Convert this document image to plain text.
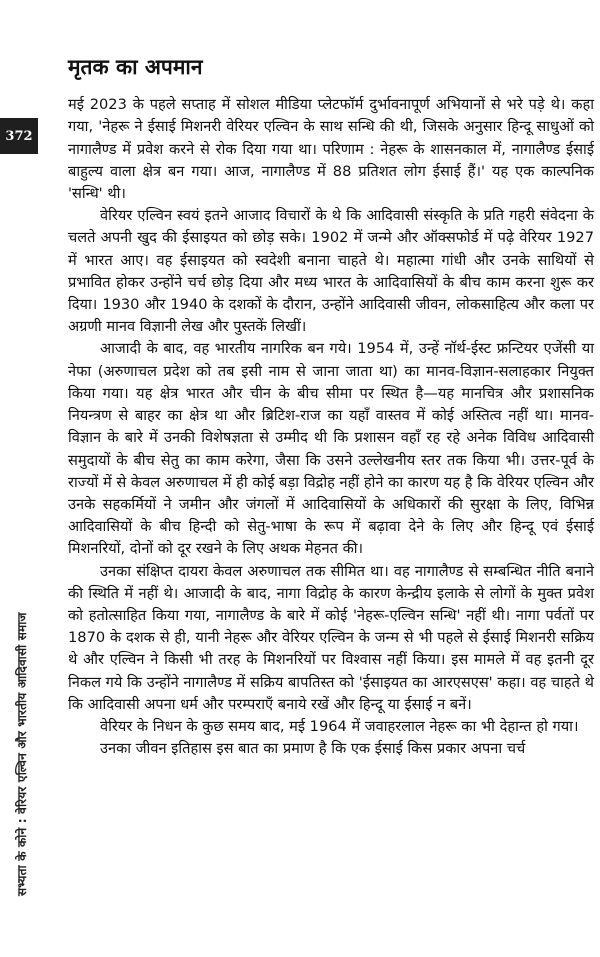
372
सभ्यता के कोने : वेरियर एल्विन और भारतीय आदिवासी समाज
मृतक का अपमान

मई 2023 के पहले सप्ताह में सोशल मीडिया प्लेटफॉर्म दुर्भावनापूर्ण अभियानों से भरे पड़े थे। कहा गया, 'नेहरू ने ईसाई मिशनरी वेरियर एल्विन के साथ सन्धि की थी, जिसके अनुसार हिन्दू साधुओं को नागालैण्ड में प्रवेश करने से रोक दिया गया था। परिणाम : नेहरू के शासनकाल में, नागालैण्ड ईसाई बाहुल्य वाला क्षेत्र बन गया। आज, नागालैण्ड में 88 प्रतिशत लोग ईसाई हैं।' यह एक काल्पनिक 'सन्धि' थी।

वेरियर एल्विन स्वयं इतने आजाद विचारों के थे कि आदिवासी संस्कृति के प्रति गहरी संवेदना के चलते अपनी खुद की ईसाइयत को छोड़ सके। 1902 में जन्मे और ऑक्सफोर्ड में पढ़े वेरियर 1927 में भारत आए। वह ईसाइयत को स्वदेशी बनाना चाहते थे। महात्मा गांधी और उनके साथियों से प्रभावित होकर उन्होंने चर्च छोड़ दिया और मध्य भारत के आदिवासियों के बीच काम करना शुरू कर दिया। 1930 और 1940 के दशकों के दौरान, उन्होंने आदिवासी जीवन, लोकसाहित्य और कला पर अग्रणी मानव विज्ञानी लेख और पुस्तकें लिखीं।

आजादी के बाद, वह भारतीय नागरिक बन गये। 1954 में, उन्हें नॉर्थ-ईस्ट फ्रन्टियर एजेंसी या नेफा (अरुणाचल प्रदेश को तब इसी नाम से जाना जाता था) का मानव-विज्ञान-सलाहकार नियुक्त किया गया। यह क्षेत्र भारत और चीन के बीच सीमा पर स्थित है—यह मानचित्र और प्रशासनिक नियन्त्रण से बाहर का क्षेत्र था और ब्रिटिश-राज का यहाँ वास्तव में कोई अस्तित्व नहीं था। मानव-विज्ञान के बारे में उनकी विशेषज्ञता से उम्मीद थी कि प्रशासन वहाँ रह रहे अनेक विविध आदिवासी समुदायों के बीच सेतु का काम करेगा, जैसा कि उसने उल्लेखनीय स्तर तक किया भी। उत्तर-पूर्व के राज्यों में से केवल अरुणाचल में ही कोई बड़ा विद्रोह नहीं होने का कारण यह है कि वेरियर एल्विन और उनके सहकर्मियों ने जमीन और जंगलों में आदिवासियों के अधिकारों की सुरक्षा के लिए, विभिन्न आदिवासियों के बीच हिन्दी को सेतु-भाषा के रूप में बढ़ावा देने के लिए और हिन्दू एवं ईसाई मिशनरियों, दोनों को दूर रखने के लिए अथक मेहनत की।

उनका संक्षिप्त दायरा केवल अरुणाचल तक सीमित था। वह नागालैण्ड से सम्बन्धित नीति बनाने की स्थिति में नहीं थे। आजादी के बाद, नागा विद्रोह के कारण केन्द्रीय इलाके से लोगों के मुक्त प्रवेश को हतोत्साहित किया गया, नागालैण्ड के बारे में कोई 'नेहरू-एल्विन सन्धि' नहीं थी। नागा पर्वतों पर 1870 के दशक से ही, यानी नेहरू और वेरियर एल्विन के जन्म से भी पहले से ईसाई मिशनरी सक्रिय थे और एल्विन ने किसी भी तरह के मिशनरियों पर विश्वास नहीं किया। इस मामले में वह इतनी दूर निकल गये कि उन्होंने नागालैण्ड में सक्रिय बापतिस्त को 'ईसाइयत का आरएसएस' कहा। वह चाहते थे कि आदिवासी अपना धर्म और परम्पराएँ बनाये रखें और हिन्दू या ईसाई न बनें।

वेरियर के निधन के कुछ समय बाद, मई 1964 में जवाहरलाल नेहरू का भी देहान्त हो गया।

उनका जीवन इतिहास इस बात का प्रमाण है कि एक ईसाई किस प्रकार अपना चर्च
